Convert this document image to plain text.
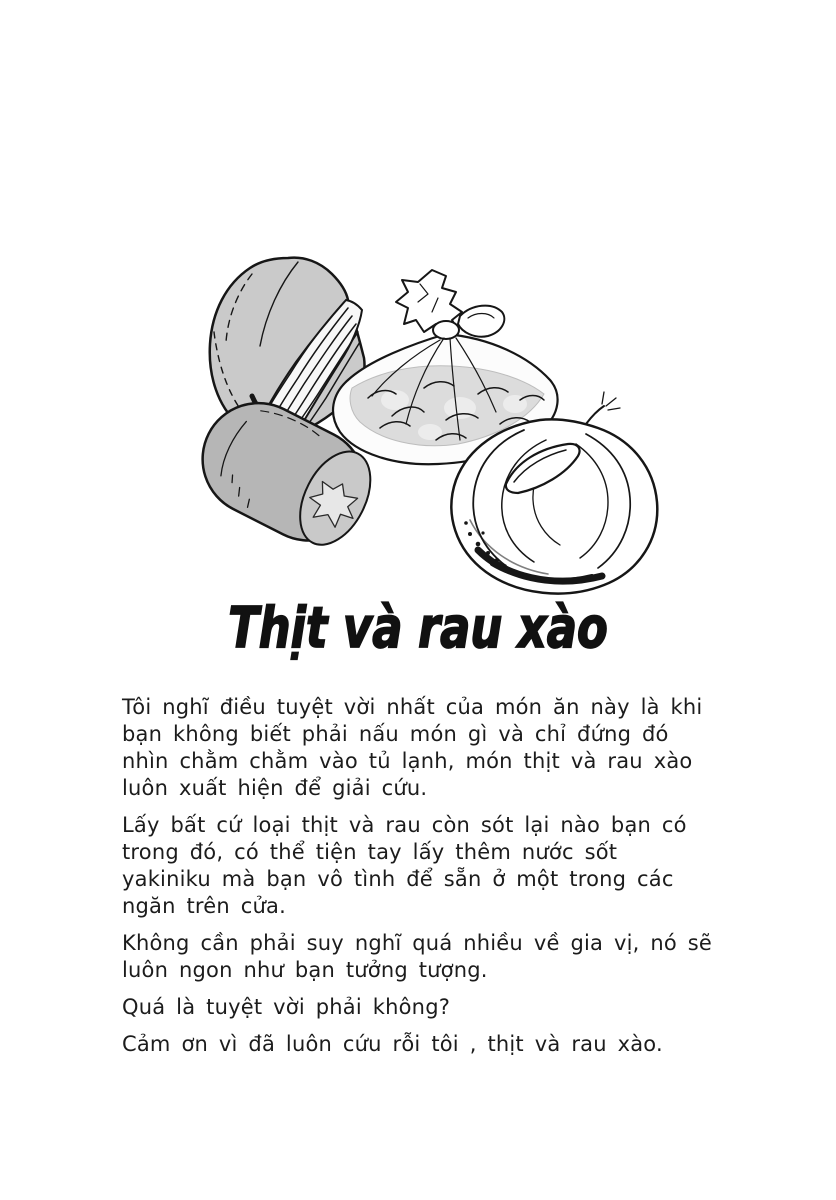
Thịt và rau xào
Tôi nghĩ điều tuyệt vời nhất của món ăn này là khi
bạn không biết phải nấu món gì và chỉ đứng đó
nhìn chằm chằm vào tủ lạnh, món thịt và rau xào
luôn xuất hiện để giải cứu.
Lấy bất cứ loại thịt và rau còn sót lại nào bạn có
trong đó, có thể tiện tay lấy thêm nước sốt
yakiniku mà bạn vô tình để sẵn ở một trong các
ngăn trên cửa.
Không cần phải suy nghĩ quá nhiều về gia vị, nó sẽ
luôn ngon như bạn tưởng tượng.
Quá là tuyệt vời phải không?
Cảm ơn vì đã luôn cứu rỗi tôi , thịt và rau xào.
